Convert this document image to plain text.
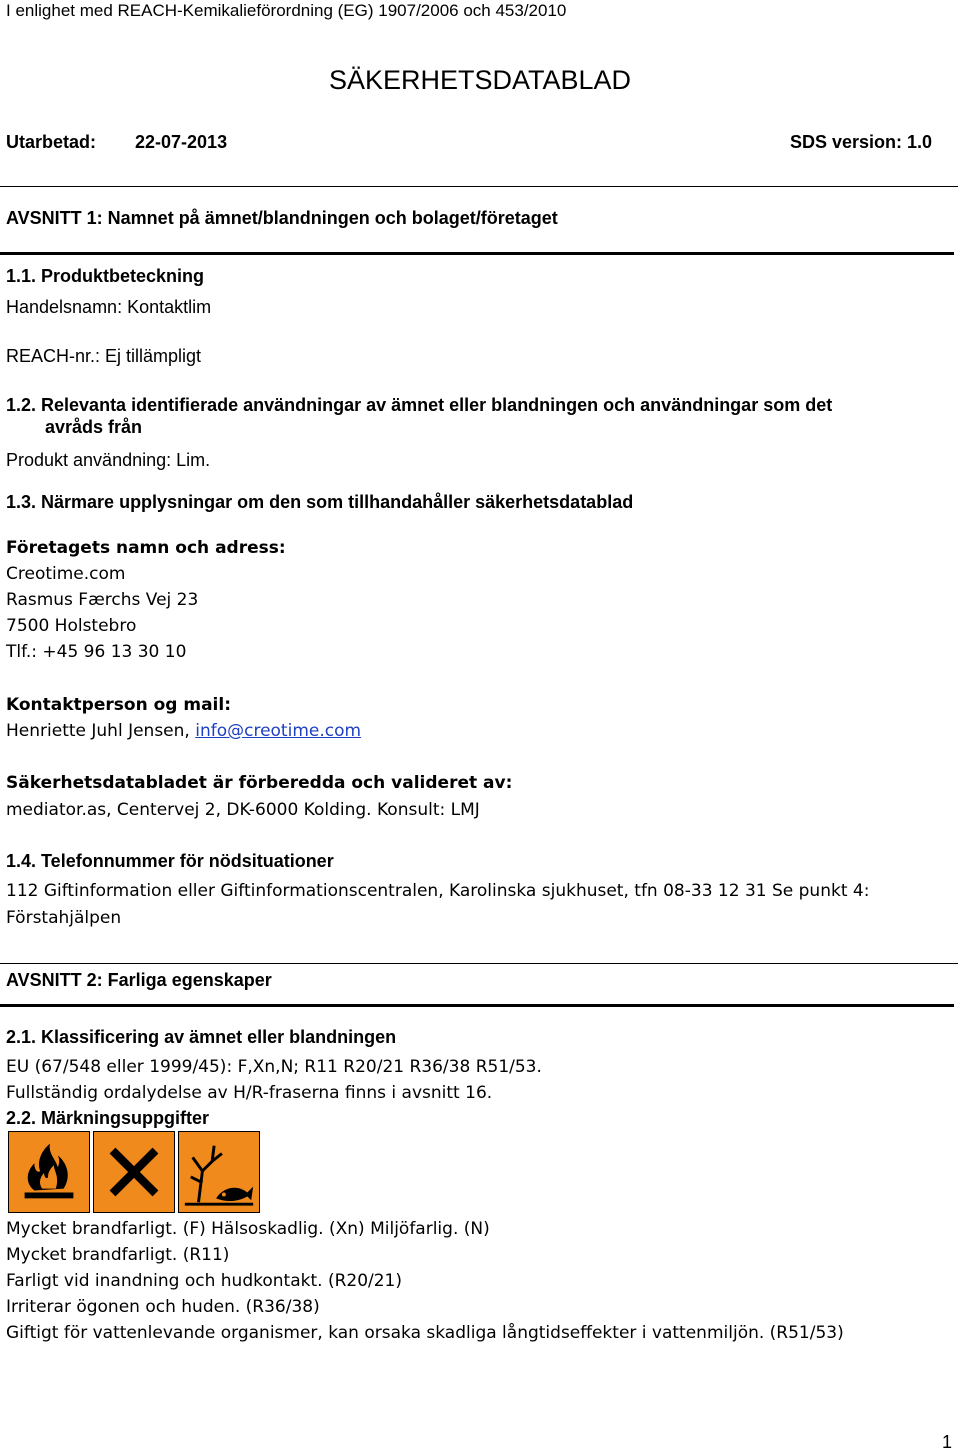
I enlighet med REACH-Kemikalieförordning (EG) 1907/2006 och 453/2010
SÄKERHETSDATABLAD
Utarbetad: 22-07-2013	SDS version: 1.0
AVSNITT 1: Namnet på ämnet/blandningen och bolaget/företaget
1.1. Produktbeteckning
Handelsnamn: Kontaktlim
REACH-nr.: Ej tillämpligt
1.2. Relevanta identifierade användningar av ämnet eller blandningen och användningar som det
avråds från
Produkt användning: Lim.
1.3. Närmare upplysningar om den som tillhandahåller säkerhetsdatablad
Företagets namn och adress:
Creotime.com
Rasmus Færchs Vej 23
7500 Holstebro
Tlf.: +45 96 13 30 10
Kontaktperson og mail:
Henriette Juhl Jensen, info@creotime.com
Säkerhetsdatabladet är förberedda och valideret av:
mediator.as, Centervej 2, DK-6000 Kolding. Konsult: LMJ
1.4. Telefonnummer för nödsituationer
112 Giftinformation eller Giftinformationscentralen, Karolinska sjukhuset, tfn 08-33 12 31 Se punkt 4:
Förstahjälpen
AVSNITT 2: Farliga egenskaper
2.1. Klassificering av ämnet eller blandningen
EU (67/548 eller 1999/45): F,Xn,N; R11 R20/21 R36/38 R51/53.
Fullständig ordalydelse av H/R-fraserna finns i avsnitt 16.
2.2. Märkningsuppgifter
Mycket brandfarligt. (F) Hälsoskadlig. (Xn) Miljöfarlig. (N)
Mycket brandfarligt. (R11)
Farligt vid inandning och hudkontakt. (R20/21)
Irriterar ögonen och huden. (R36/38)
Giftigt för vattenlevande organismer, kan orsaka skadliga långtidseffekter i vattenmiljön. (R51/53)
1
